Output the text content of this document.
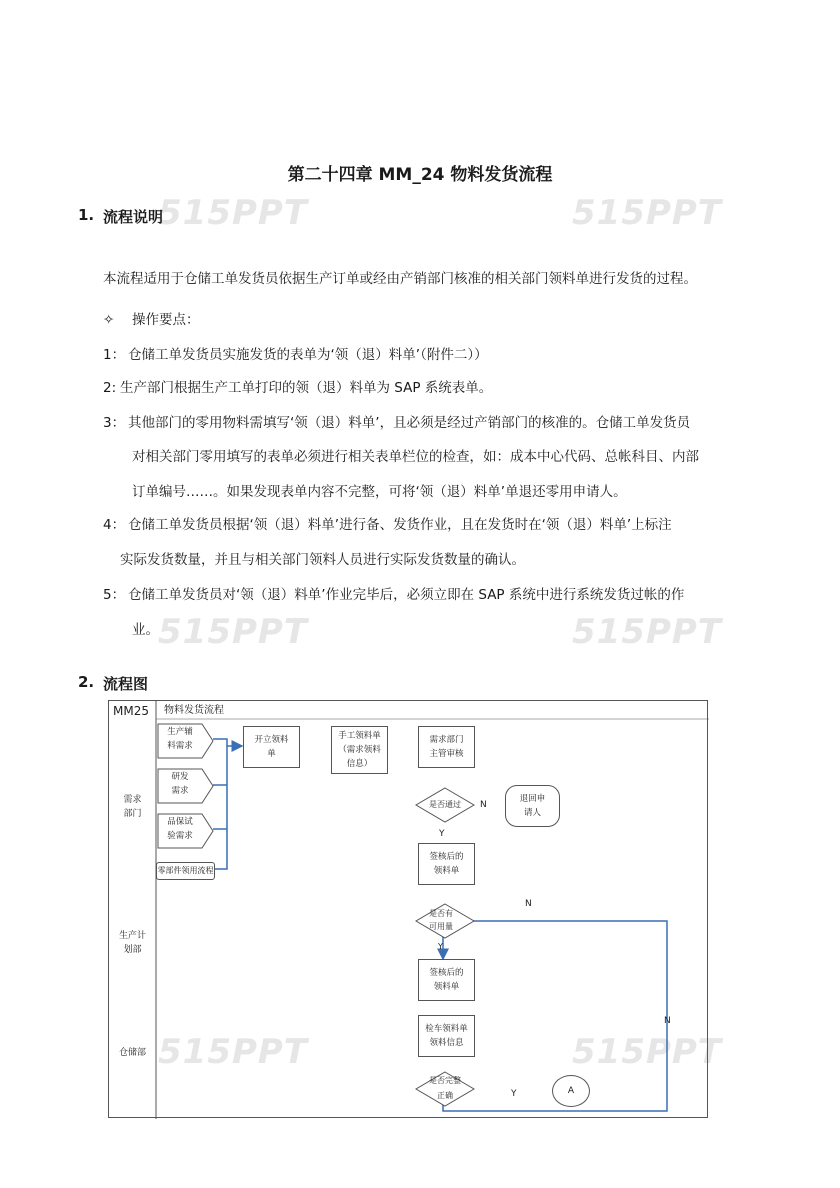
515PPT	515PPT
515PPT	515PPT
515PPT	515PPT
第二十四章 MM_24 物料发货流程
1. 流程说明
本流程适用于仓储工单发货员依据生产订单或经由产销部门核准的相关部门领料单进行发货的过程。
✧ 操作要点：
1： 仓储工单发货员实施发货的表单为‘领（退）料单’（附件二））
2: 生产部门根据生产工单打印的领（退）料单为 SAP 系统表单。
3： 其他部门的零用物料需填写‘领（退）料单’，且必须是经过产销部门的核准的。仓储工单发货员
对相关部门零用填写的表单必须进行相关表单栏位的检查，如：成本中心代码、总帐科目、内部
订单编号……。如果发现表单内容不完整，可将‘领（退）料单’单退还零用申请人。
4： 仓储工单发货员根据‘领（退）料单’进行备、发货作业，且在发货时在‘领（退）料单’上标注
实际发货数量，并且与相关部门领料人员进行实际发货数量的确认。
5： 仓储工单发货员对‘领（退）料单’作业完毕后，必须立即在 SAP 系统中进行系统发货过帐的作
业。
2. 流程图
MM25 物料发货流程
需求
部门
生产计
划部
仓储部
生产辅
料需求
研发
需求
品保试
验需求
零部件领用流程
开立领料
单
手工领料单
（需求领料
信息）
需求部门
主管审核
是否通过	N
Y
退回申
请人
签核后的
领料单
N
是否有
可用量
Y
签核后的
领料单
N
检车领料单
领料信息
是否完整
正确	Y	A
